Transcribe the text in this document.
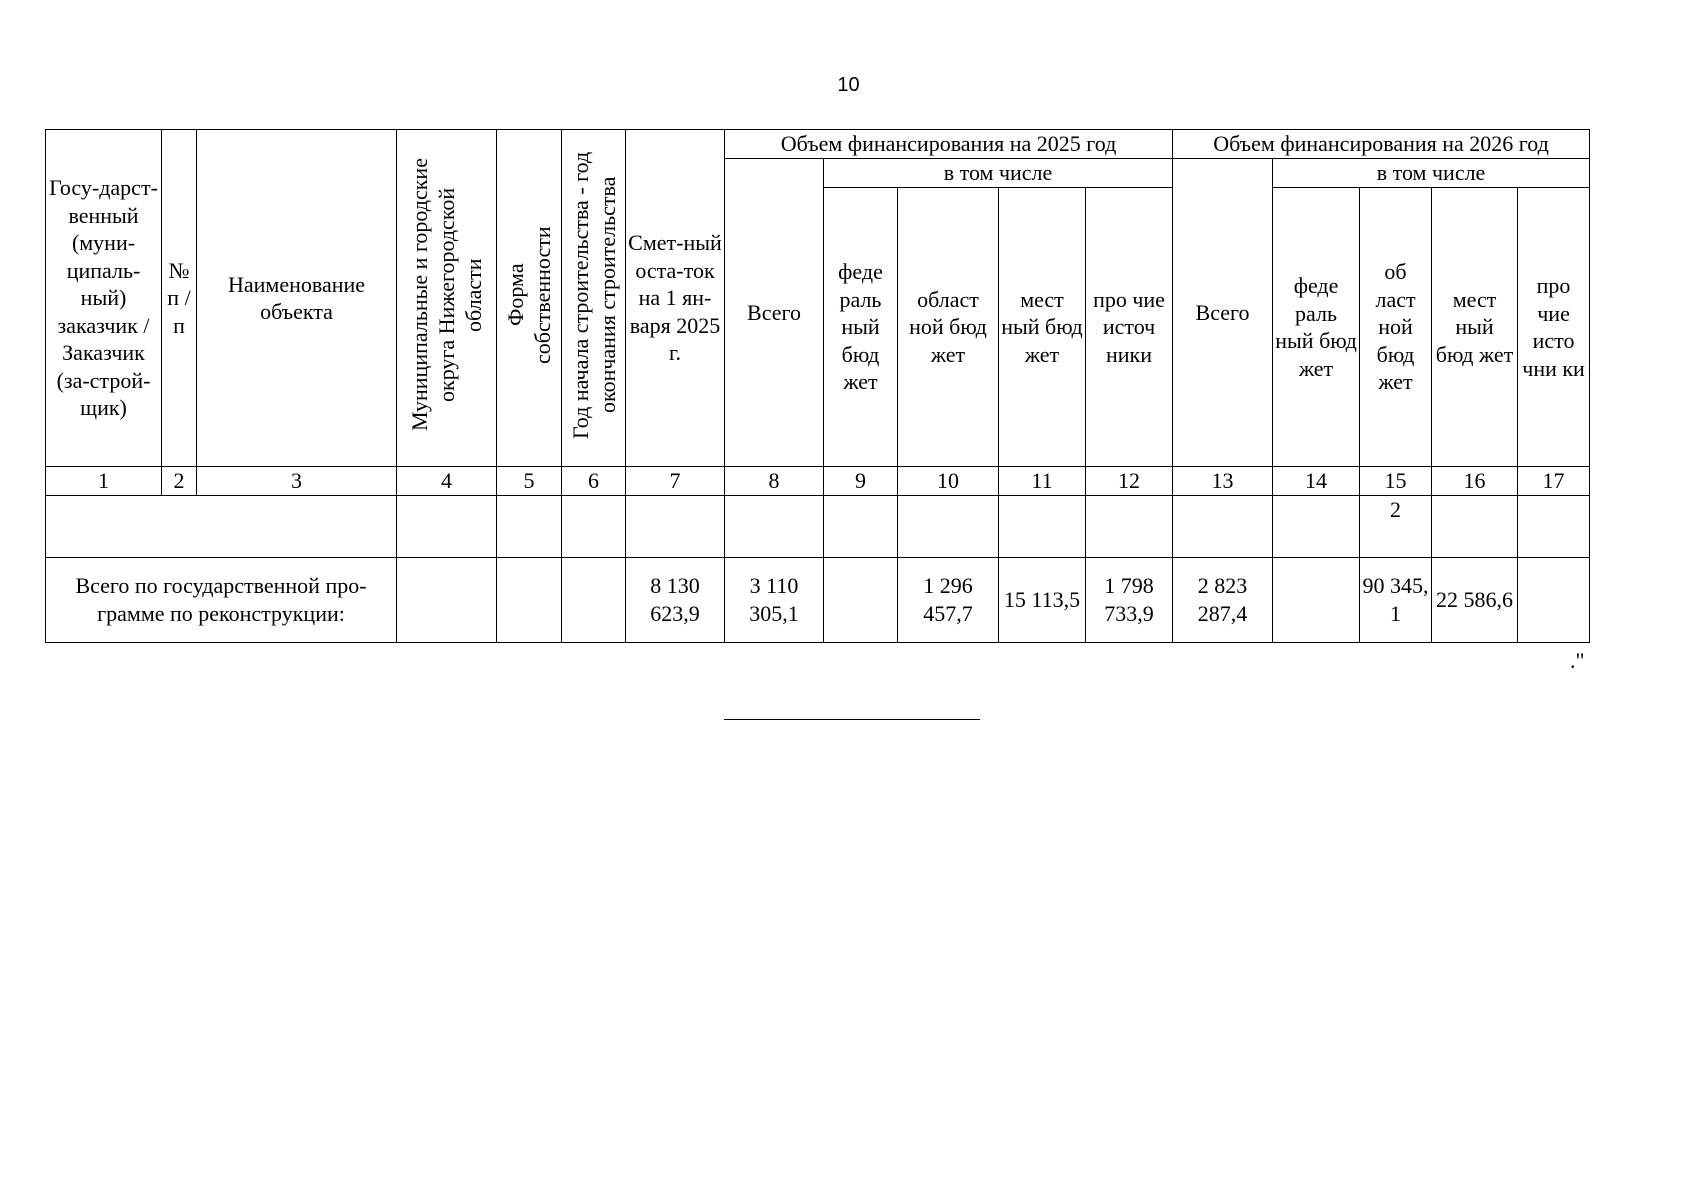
10
Госу-дарст-венный (муни-ципаль-ный) заказчик / Заказчик (за-строй-щик)	№ п / п	Наименование объекта	Муниципальные и городские округа Нижегородской области	Форма собственности	Год начала строительства - год окончания строительства	Смет-ный оста-ток на 1 ян-варя 2025 г.	Объем финансирования на 2025 год					Объем финансирования на 2026 год				
							Всего	в том числе				Всего	в том числе			
								феде раль ный бюд жет	област ной бюд жет	мест ный бюд жет	про чие источ ники		феде раль ный бюд жет	об ласт ной бюд жет	мест ный бюд жет	про чие исто чни ки
1	2	3	4	5	6	7	8	9	10	11	12	13	14	15	16	17
														2		
Всего по государственной про-грамме по реконструкции:						8 130 623,9	3 110 305,1		1 296 457,7	15 113,5	1 798 733,9	2 823 287,4		90 345, 1	22 586,6	
."
